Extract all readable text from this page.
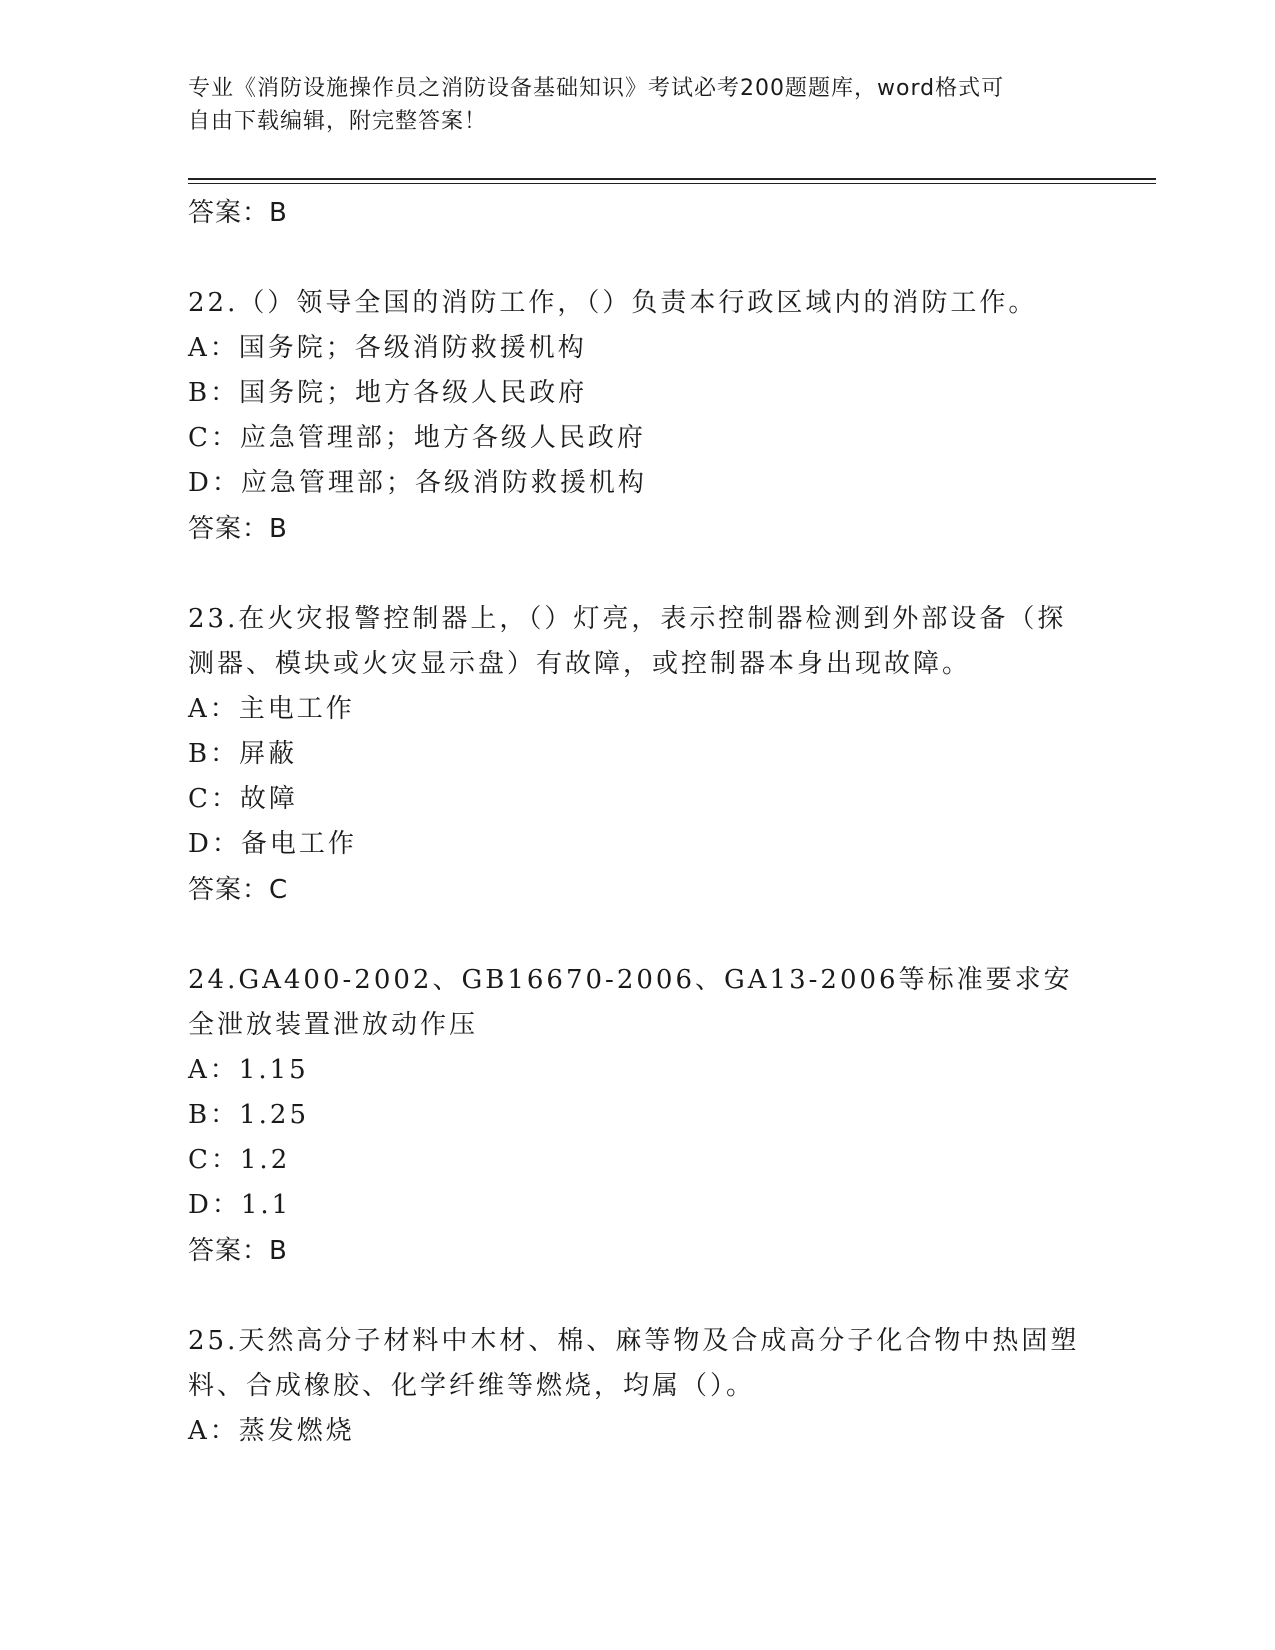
专业《消防设施操作员之消防设备基础知识》考试必考200题题库，word格式可
自由下载编辑，附完整答案！
答案：B
22.（）领导全国的消防工作，（）负责本行政区域内的消防工作。
A：国务院；各级消防救援机构
B：国务院；地方各级人民政府
C：应急管理部；地方各级人民政府
D：应急管理部；各级消防救援机构
答案：B
23.在火灾报警控制器上，（）灯亮，表示控制器检测到外部设备（探测器、模块或火灾显示盘）有故障，或控制器本身出现故障。
A：主电工作
B：屏蔽
C：故障
D：备电工作
答案：C
24.GA400-2002、GB16670-2006、GA13-2006等标准要求安全泄放装置泄放动作压
A：1.15
B：1.25
C：1.2
D：1.1
答案：B
25.天然高分子材料中木材、棉、麻等物及合成高分子化合物中热固塑料、合成橡胶、化学纤维等燃烧，均属（）。
A：蒸发燃烧
